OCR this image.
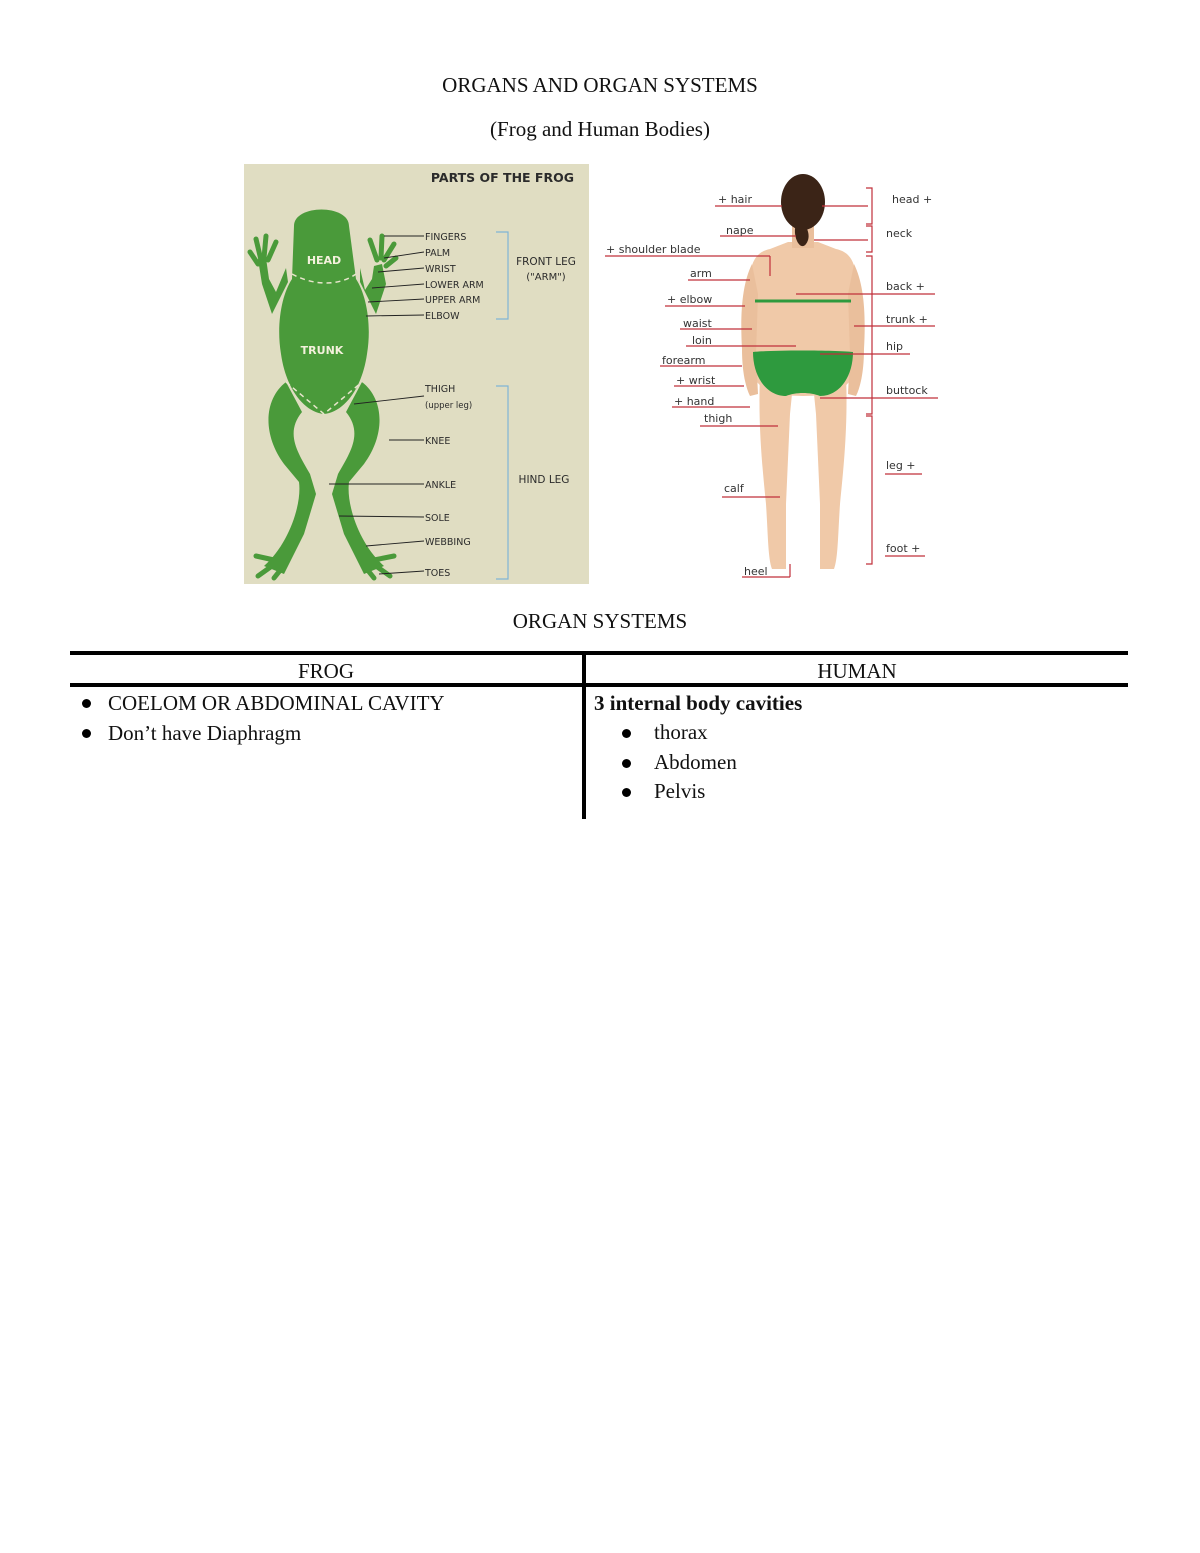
ORGANS AND ORGAN SYSTEMS
(Frog and Human Bodies)
PARTS OF THE FROG
HEAD
TRUNK
FINGERS
PALM
WRIST
LOWER ARM
UPPER ARM
ELBOW
THIGH
(upper leg)
KNEE
ANKLE
SOLE
WEBBING
TOES
FRONT LEG
("ARM")
HIND LEG
+ hair
nape
+ shoulder blade
arm
+ elbow
waist
loin
forearm
+ wrist
+ hand
thigh
calf
heel
head +
neck
back +
trunk +
hip
buttock
leg +
foot +
ORGAN SYSTEMS
FROG	HUMAN
COELOM OR ABDOMINAL CAVITY
Don’t have Diaphragm
3 internal body cavities
thorax
Abdomen
Pelvis
